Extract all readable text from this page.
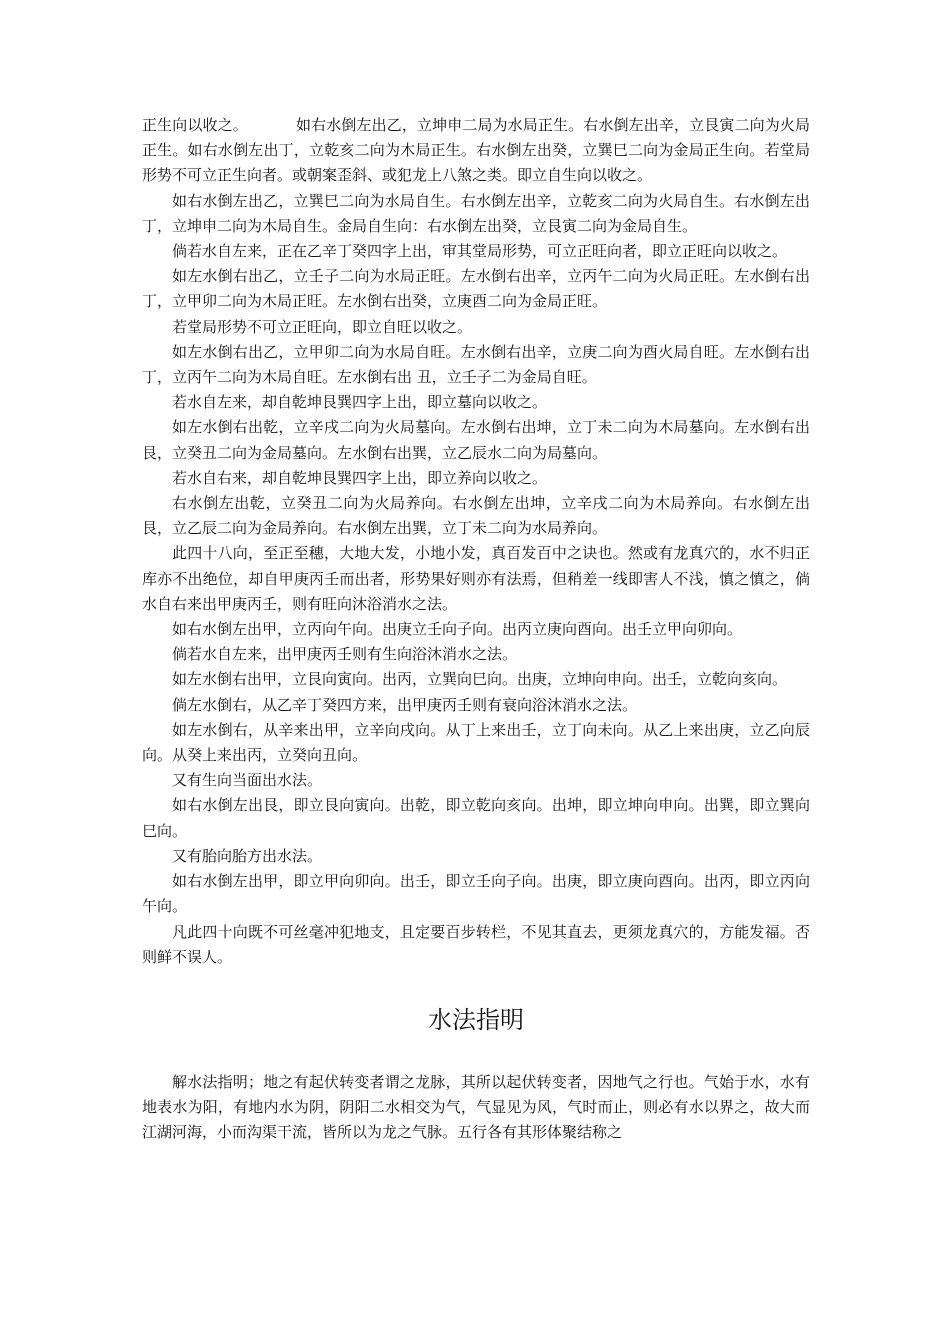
正生向以收之。	如右水倒左出乙，立坤申二局为水局正生。右水倒左出辛，立艮寅二向为火局正生。如右水倒左出丁，立乾亥二向为木局正生。右水倒左出癸，立巽巳二向为金局正生向。若堂局形势不可立正生向者。或朝案歪斜、或犯龙上八煞之类。即立自生向以收之。

如右水倒左出乙，立巽巳二向为水局自生。右水倒左出辛，立乾亥二向为火局自生。右水倒左出丁，立坤申二向为木局自生。金局自生向：右水倒左出癸，立艮寅二向为金局自生。

倘若水自左来，正在乙辛丁癸四字上出，审其堂局形势，可立正旺向者，即立正旺向以收之。

如左水倒右出乙，立壬子二向为水局正旺。左水倒右出辛，立丙午二向为火局正旺。左水倒右出丁，立甲卯二向为木局正旺。左水倒右出癸，立庚酉二向为金局正旺。

若堂局形势不可立正旺向，即立自旺以收之。

如左水倒右出乙，立甲卯二向为水局自旺。左水倒右出辛，立庚二向为酉火局自旺。左水倒右出丁，立丙午二向为木局自旺。左水倒右出 丑，立壬子二为金局自旺。

若水自左来，却自乾坤艮巽四字上出，即立墓向以收之。

如左水倒右出乾，立辛戌二向为火局墓向。左水倒右出坤，立丁未二向为木局墓向。左水倒右出艮，立癸丑二向为金局墓向。左水倒右出巽，立乙辰水二向为局墓向。

若水自右来，却自乾坤艮巽四字上出，即立养向以收之。

右水倒左出乾，立癸丑二向为火局养向。右水倒左出坤，立辛戌二向为木局养向。右水倒左出艮，立乙辰二向为金局养向。右水倒左出巽，立丁未二向为水局养向。

此四十八向，至正至穗，大地大发，小地小发，真百发百中之诀也。然或有龙真穴的，水不归正库亦不出绝位，却自甲庚丙壬而出者，形势果好则亦有法焉，但稍差一线即害人不浅，慎之慎之，倘水自右来出甲庚丙壬，则有旺向沐浴消水之法。

如右水倒左出甲，立丙向午向。出庚立壬向子向。出丙立庚向酉向。出壬立甲向卯向。

倘若水自左来，出甲庚丙壬则有生向浴沐消水之法。

如左水倒右出甲，立艮向寅向。出丙，立巽向巳向。出庚，立坤向申向。出壬，立乾向亥向。

倘左水倒右，从乙辛丁癸四方来，出甲庚丙壬则有衰向浴沐消水之法。

如左水倒右，从辛来出甲，立辛向戌向。从丁上来出壬，立丁向未向。从乙上来出庚，立乙向辰向。从癸上来出丙，立癸向丑向。

又有生向当面出水法。

如右水倒左出艮，即立艮向寅向。出乾，即立乾向亥向。出坤，即立坤向申向。出巽，即立巽向巳向。

又有胎向胎方出水法。

如右水倒左出甲，即立甲向卯向。出壬，即立壬向子向。出庚，即立庚向酉向。出丙，即立丙向午向。

凡此四十向既不可丝毫冲犯地支，且定要百步转栏，不见其直去，更须龙真穴的，方能发福。否则鲜不误人。

水法指明

解水法指明；地之有起伏转变者谓之龙脉，其所以起伏转变者，因地气之行也。气始于水，水有地表水为阳，有地内水为阴，阴阳二水相交为气，气显见为风，气时而止，则必有水以界之，故大而江湖河海，小而沟渠干流，皆所以为龙之气脉。五行各有其形体聚结称之
